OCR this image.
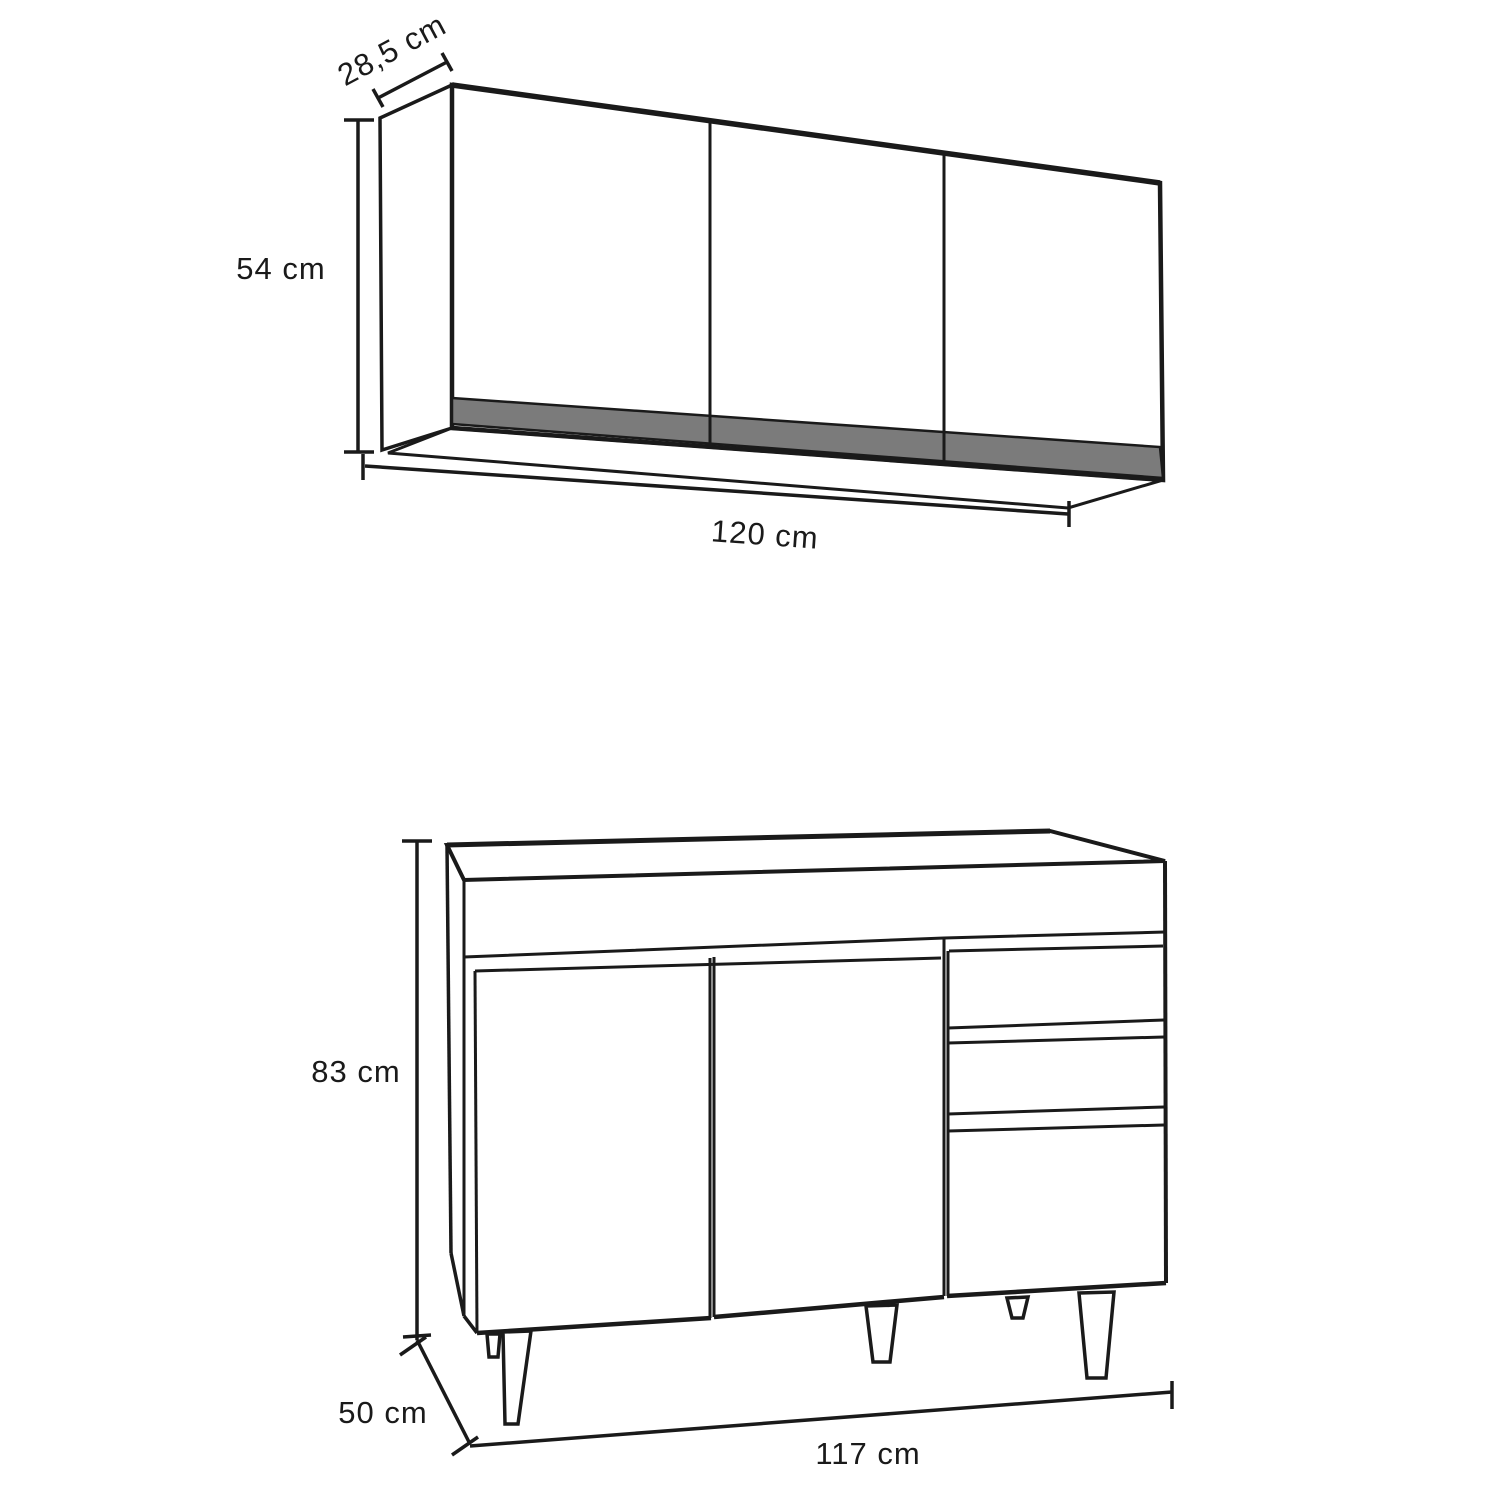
28,5 cm
54 cm
120 cm
83 cm
50 cm
117 cm
